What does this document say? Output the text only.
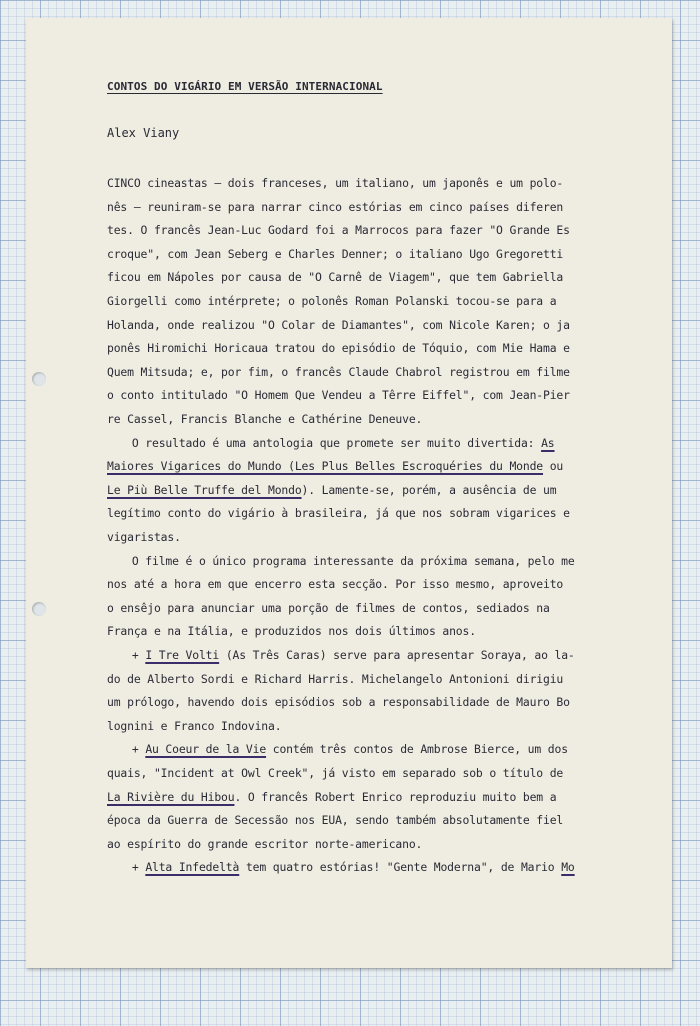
CONTOS DO VIGÁRIO EM VERSÃO INTERNACIONAL
Alex Viany
CINCO cineastas — dois franceses, um italiano, um japonês e um polo-
nês — reuniram-se para narrar cinco estórias em cinco países diferen
tes. O francês Jean-Luc Godard foi a Marrocos para fazer "O Grande Es
croque", com Jean Seberg e Charles Denner; o italiano Ugo Gregoretti
ficou em Nápoles por causa de "O Carnê de Viagem", que tem Gabriella
Giorgelli como intérprete; o polonês Roman Polanski tocou-se para a
Holanda, onde realizou "O Colar de Diamantes", com Nicole Karen; o ja
ponês Hiromichi Horicaua tratou do episódio de Tóquio, com Mie Hama e
Quem Mitsuda; e, por fim, o francês Claude Chabrol registrou em filme
o conto intitulado "O Homem Que Vendeu a Têrre Eiffel", com Jean-Pier
re Cassel, Francis Blanche e Cathérine Deneuve.
O resultado é uma antologia que promete ser muito divertida: As
Maiores Vigarices do Mundo (Les Plus Belles Escroquéries du Monde ou
Le Più Belle Truffe del Mondo). Lamente-se, porém, a ausência de um
legítimo conto do vigário à brasileira, já que nos sobram vigarices e
vigaristas.
O filme é o único programa interessante da próxima semana, pelo me
nos até a hora em que encerro esta secção. Por isso mesmo, aproveito
o ensêjo para anunciar uma porção de filmes de contos, sediados na
França e na Itália, e produzidos nos dois últimos anos.
+ I Tre Volti (As Três Caras) serve para apresentar Soraya, ao la-
do de Alberto Sordi e Richard Harris. Michelangelo Antonioni dirigiu
um prólogo, havendo dois episódios sob a responsabilidade de Mauro Bo
lognini e Franco Indovina.
+ Au Coeur de la Vie contém três contos de Ambrose Bierce, um dos
quais, "Incident at Owl Creek", já visto em separado sob o título de
La Rivière du Hibou. O francês Robert Enrico reproduziu muito bem a
época da Guerra de Secessão nos EUA, sendo também absolutamente fiel
ao espírito do grande escritor norte-americano.
+ Alta Infedeltà tem quatro estórias! "Gente Moderna", de Mario Mo
